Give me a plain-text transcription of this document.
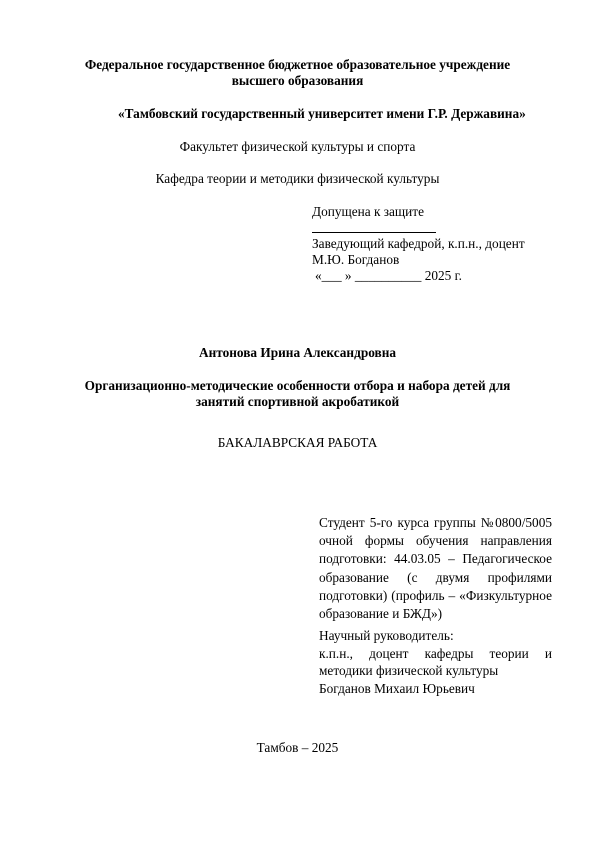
Федеральное государственное бюджетное образовательное учреждение
высшего образования
«Тамбовский государственный университет имени Г.Р. Державина»
Факультет физической культуры и спорта
Кафедра теории и методики физической культуры
Допущена к защите
Заведующий кафедрой, к.п.н., доцент
М.Ю. Богданов
«___ » __________ 2025 г.
Антонова Ирина Александровна
Организационно-методические особенности отбора и набора детей для
занятий спортивной акробатикой
БАКАЛАВРСКАЯ РАБОТА
Студент 5-го курса группы №0800/5005 очной формы обучения направления подготовки: 44.03.05 – Педагогическое образование (с двумя профилями подготовки) (профиль – «Физкультурное образование и БЖД»)
Научный руководитель:
к.п.н., доцент кафедры теории и методики физической культуры
Богданов Михаил Юрьевич
Тамбов – 2025
